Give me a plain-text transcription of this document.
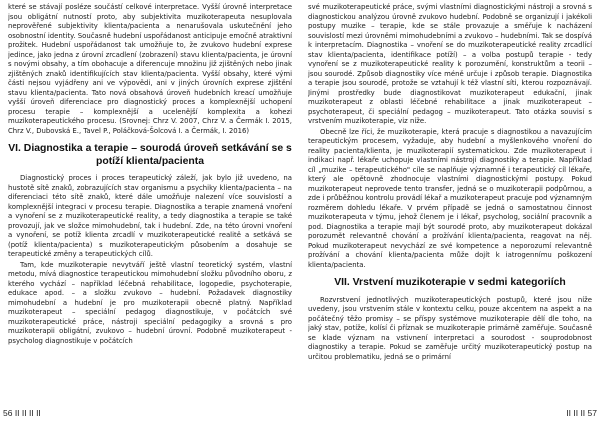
které se stávají posléze součástí celkové interpretace. Vyšší úrovně interpretace jsou obligátní nutností proto, aby subjektivita muzikoterapeuta nesuplovala neprověřené subjektivity klienta/pacienta a nenarušovala uskutečnění jeho osobnostní identity. Současně hudební uspořádanost anticipuje emočně atraktivní prožitek. Hudební uspořádanost tak umožňuje to, že zvukovo hudební exprese jedince, jako jedna z úrovní zrcadlení (zobrazení) stavu klienta/pacienta, je úrovní s novými obsahy, a tím obohacuje a diferencuje množinu již zjištěných nebo jinak zjištěných znaků identifikujících stav klienta/pacienta. Vyšší obsahy, které vými části nejsou vyjádřeny ani ve výpovědi, ani v jiných úrovních exprese zjištění stavu klienta/pacienta. Tato nová obsahová úroveň hudebních kreací umožňuje vyšší úroveň diferenciace pro diagnostický proces a komplexnější uchopení procesu terapie – komplexnější a ucelenější komplexita a kohezi muzikoterapeutického procesu. (Srovnej: Chrz V. 2007, Chrz V. a Čermák I. 2015, Chrz V., Dubovská E., Tavel P., Poláčková-Šolcová I. a Čermák, I. 2016)

VI. Diagnostika a terapie – sourodá úroveň setkávání se s potíží klienta/pacienta

Diagnostický proces i proces terapeutický záleží, jak bylo již uvedeno, na hustotě sítě znaků, zobrazujících stav organismu a psychiky klienta/pacienta – na diferenciaci této sítě znaků, které dále umožňuje nalezení více souvislostí a komplexnější integraci v procesu terapie. Diagnostika a terapie znamená vnoření a vynoření se z muzikoterapeutické reality, a tedy diagnostika a terapie se také provozují, jak ve složce mimohudební, tak i hudební. Zde, na této úrovni vnoření a vynoření, se potíž klienta zrcadlí v muzikoterapeutické realitě a setkává se (potíž klienta/pacienta) s muzikoterapeutickým působením a dosahuje se terapeutické změny a terapeutických cílů.

Tam, kde muzikoterapie nevytváří ještě vlastní teoretický systém, vlastní metodu, mívá diagnostice terapeutickou mimohudební složku původního oboru, z kterého vychází – například léčebná rehabilitace, logopedie, psychoterapie, edukace apod. – a složku zvukovo – hudební. Požadavek diagnostiky mimohudební a hudební je pro muzikoterapii obecně platný. Například muzikoterapeut – speciální pedagog diagnostikuje, v počátcích své muzikoterapeutické práce, nástroji speciální pedagogiky a srovná s pro muzikoterapii obligátní, zvukovo – hudební úrovní. Podobně muzikoterapeut - psycholog diagnostikuje v počátcích

56 II II II II

své muzikoterapeutické práce, svými vlastními diagnostickými nástroji a srovná s diagnostickou analýzou úrovně zvukovo hudební. Podobně se organizují i jakékoli postupy muzike – terapie, kde se stále provazuje a směřuje k nacházení souvislostí mezi úrovněmi mimohudebními a zvukovo – hudebními. Tak se dospívá k interpretacím. Diagnostika – vnoření se do muzikoterapeutické reality zrcadlící stav klienta/pacienta, identifikace potíží) – a volba postupů terapie - tedy vynoření se z muzikoterapeutické reality k porozumění, konstruktům a teorii – jsou sourodé. Způsob diagnostiky více méně určuje i způsob terapie. Diagnostika a terapie jsou sourodé, protože se vztahují k též vlastní síti, kterou rozpoznávají. Jinými prostředky bude diagnostikovat muzikoterapeut edukační, jinak muzikoterapeut z oblasti léčebné rehabilitace a jinak muzikoterapeut – psychoterapeut, či speciální pedagog – muzikoterapeut. Tato otázka souvisí s vrstvením muzikoterapie, viz níže.

Obecně lze říci, že muzikoterapie, která pracuje s diagnostikou a navazujícím terapeutickým procesem, vyžaduje, aby hudební a myšlenkového vnoření do reality pacienta/klienta, je muzikoterapií systematickou. Zde muzikoterapeut i indikaci např. lékaře uchopuje vlastními nástroji diagnostiky a terapie. Například cíl „muzike – terapeutického" cíle se naplňuje významně i terapeutický cíl lékaře, který ale opětovně zhodnocuje vlastními diagnostickými postupy. Pokud muzikoterapeut neprovede tento transfer, jedná se o muzikoterapii podpůrnou, a zde i průběžnou kontrolu provádí lékař a muzikoterapeut pracuje pod významným rozměrem dohledu lékaře. V prvém případě se jedná o samostatnou činnost muzikoterapeuta v týmu, jehož členem je i lékař, psycholog, sociální pracovník a pod. Diagnostika a terapie mají být sourodé proto, aby muzikoterapeut dokázal porozumět relevantně chování a prožívání klienta/pacienta, reagovat na něj. Pokud muzikoterapeut nevychází ze své kompetence a neporozumí relevantně prožívání a chování klienta/pacienta může dojít k iatrogennímu poškození klienta/pacienta.

VII. Vrstvení muzikoterapie v sedmi kategoriích

Rozvrstvení jednotlivých muzikoterapeutických postupů, které jsou níže uvedeny, jsou vrstvením stále v kontextu celku, pouze akcentem na aspekt a na počátečný těžo promisy – se příspy systémove muzikoterapie dělí dle toho, na jaký stav, potíže, kolísí či příznak se muzikoterapie primárně zaměřuje. Současně se klade význam na vstivnení interpretaci a sourodost - souprodobnost diagnostiky a terapie. Pokud se zaměřuje určitý muzikoterapeutický postup na určitou problematiku, jedná se o primární

II II II 57
